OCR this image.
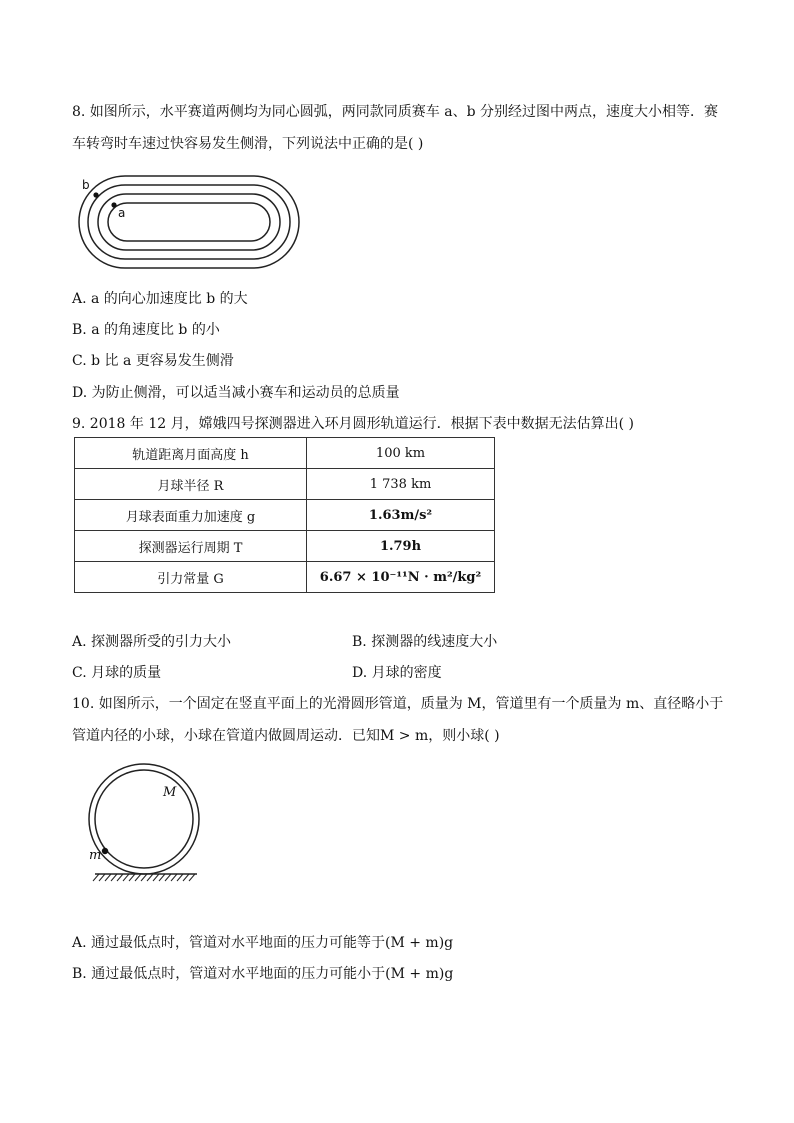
8. 如图所示，水平赛道两侧均为同心圆弧，两同款同质赛车 a、b 分别经过图中两点，速度大小相等．赛
车转弯时车速过快容易发生侧滑，下列说法中正确的是( )
b
a
A. a 的向心加速度比 b 的大
B. a 的角速度比 b 的小
C. b 比 a 更容易发生侧滑
D. 为防止侧滑，可以适当减小赛车和运动员的总质量
9. 2018 年 12 月，嫦娥四号探测器进入环月圆形轨道运行．根据下表中数据无法估算出( )
轨道距离月面高度 h	100 km
月球半径 R	1 738 km
月球表面重力加速度 g	1.63m/s²
探测器运行周期 T	1.79h
引力常量 G	6.67 × 10⁻¹¹N · m²/kg²
A. 探测器所受的引力大小	B. 探测器的线速度大小
C. 月球的质量	D. 月球的密度
10. 如图所示，一个固定在竖直平面上的光滑圆形管道，质量为 M，管道里有一个质量为 m、直径略小于
管道内径的小球，小球在管道内做圆周运动．已知M > m，则小球( )
M
m
A. 通过最低点时，管道对水平地面的压力可能等于(M + m)g
B. 通过最低点时，管道对水平地面的压力可能小于(M + m)g
